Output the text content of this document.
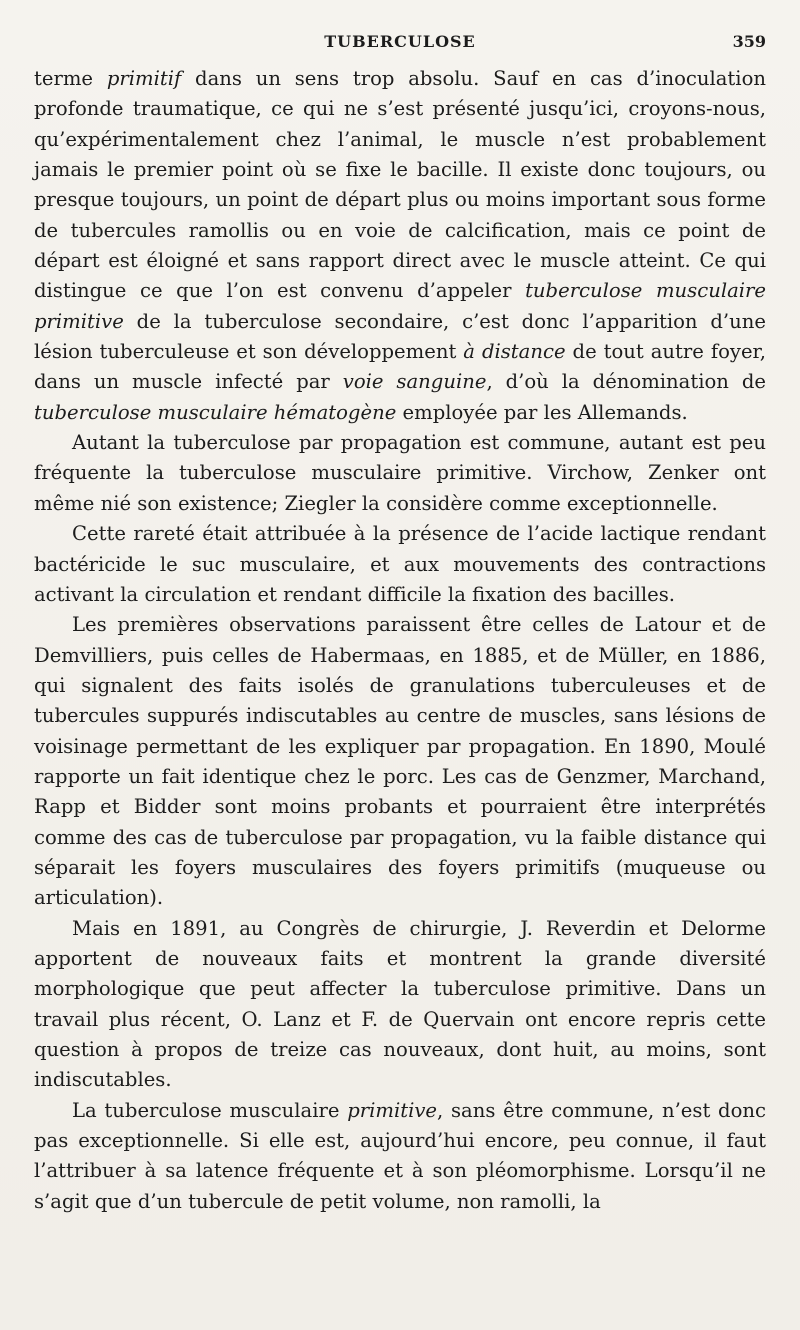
TUBERCULOSE	359

terme primitif dans un sens trop absolu. Sauf en cas d’inoculation profonde traumatique, ce qui ne s’est présenté jusqu’ici, croyons-nous, qu’expérimentalement chez l’animal, le muscle n’est probablement jamais le premier point où se fixe le bacille. Il existe donc toujours, ou presque toujours, un point de départ plus ou moins important sous forme de tubercules ramollis ou en voie de calcification, mais ce point de départ est éloigné et sans rapport direct avec le muscle atteint. Ce qui distingue ce que l’on est convenu d’appeler tuberculose musculaire primitive de la tuberculose secondaire, c’est donc l’apparition d’une lésion tuberculeuse et son développement à distance de tout autre foyer, dans un muscle infecté par voie sanguine, d’où la dénomination de tuberculose musculaire hématogène employée par les Allemands.

Autant la tuberculose par propagation est commune, autant est peu fréquente la tuberculose musculaire primitive. Virchow, Zenker ont même nié son existence; Ziegler la considère comme exceptionnelle.

Cette rareté était attribuée à la présence de l’acide lactique rendant bactéricide le suc musculaire, et aux mouvements des contractions activant la circulation et rendant difficile la fixation des bacilles.

Les premières observations paraissent être celles de Latour et de Demvilliers, puis celles de Habermaas, en 1885, et de Müller, en 1886, qui signalent des faits isolés de granulations tuberculeuses et de tubercules suppurés indiscutables au centre de muscles, sans lésions de voisinage permettant de les expliquer par propagation. En 1890, Moulé rapporte un fait identique chez le porc. Les cas de Genzmer, Marchand, Rapp et Bidder sont moins probants et pourraient être interprétés comme des cas de tuberculose par propagation, vu la faible distance qui séparait les foyers musculaires des foyers primitifs (muqueuse ou articulation).

Mais en 1891, au Congrès de chirurgie, J. Reverdin et Delorme apportent de nouveaux faits et montrent la grande diversité morphologique que peut affecter la tuberculose primitive. Dans un travail plus récent, O. Lanz et F. de Quervain ont encore repris cette question à propos de treize cas nouveaux, dont huit, au moins, sont indiscutables.

La tuberculose musculaire primitive, sans être commune, n’est donc pas exceptionnelle. Si elle est, aujourd’hui encore, peu connue, il faut l’attribuer à sa latence fréquente et à son pléomorphisme. Lorsqu’il ne s’agit que d’un tubercule de petit volume, non ramolli, la
